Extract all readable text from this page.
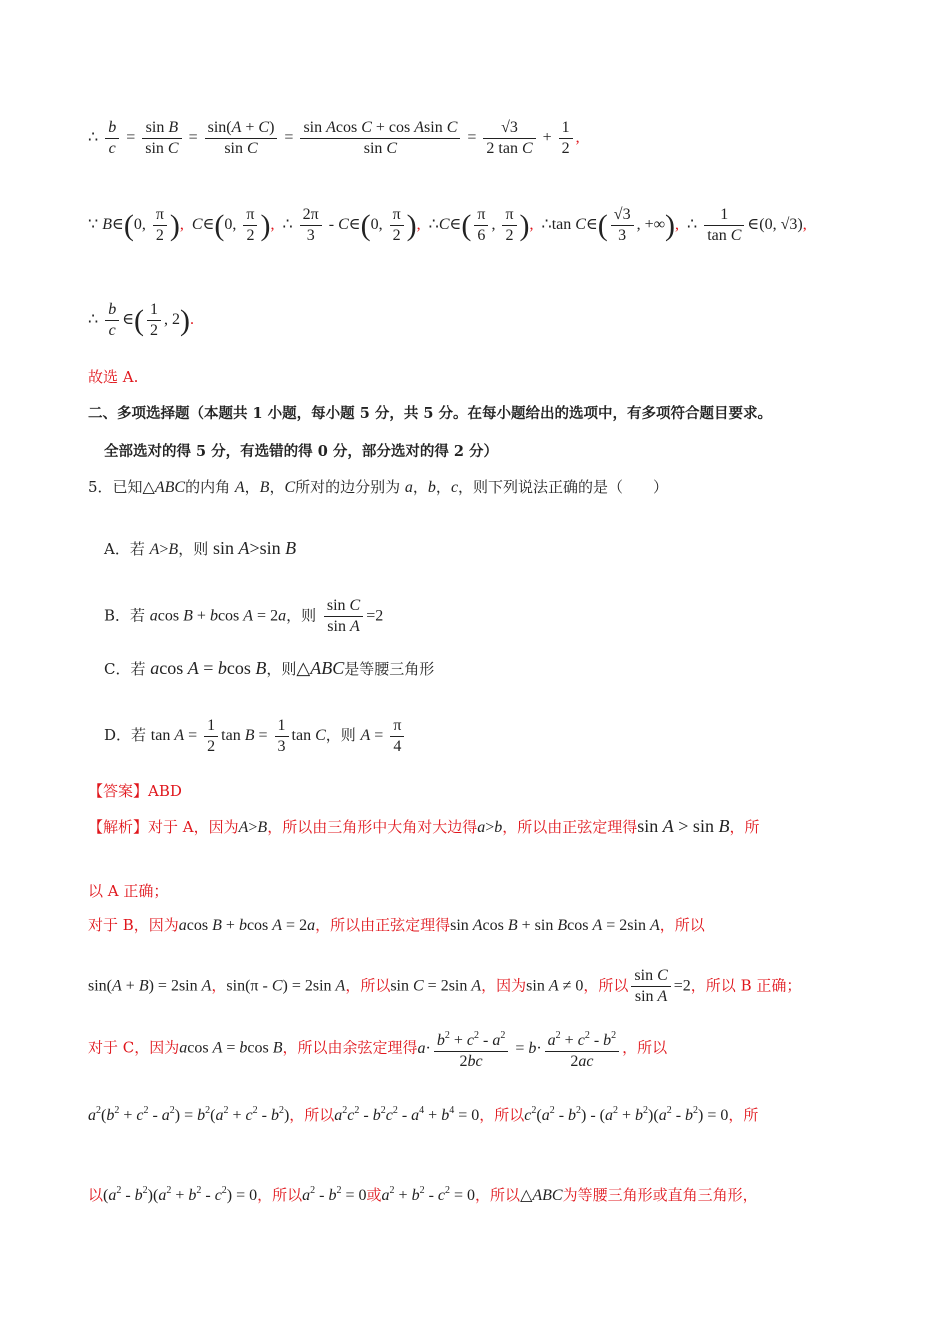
∴ $\frac{b}{c} = \frac{\text{sin B}}{\text{sin C}} = \frac{\sin(A + C)}{\text{sin C}} = \frac{\text{sin Acos C + cos Asin C}}{\text{sin C}} = \frac{√3}{\text{2 tan C}} + \frac{1}{2}$ ,
∵ B∈(0, $\frac{\pi}{2}$ ), C∈(0, $\frac{\pi}{2}$ ),  ∴ $\frac{2\pi}{3}$ - C∈(0, $\frac{\pi}{2}$ ),  ∴C∈( $\frac{\pi}{6}$ , $\frac{\pi}{2}$ ),  ∴tan C∈( $\frac{√3}{3}$ , +∞),  ∴ $\frac{1}{\text{tan C}}$ ∈(0, √3),
∴ $\frac{b}{c}$ ∈( $\frac{1}{2}$ , 2).
故选 A.
二、多项选择题（本题共 1 小题，每小题 5 分，共 5 分。在每小题给出的选项中，有多项符合题目要求。
全部选对的得 5 分，有选错的得 0 分，部分选对的得 2 分）
5．已知△ABC的内角 A，B，C所对的边分别为 a，b，c，则下列说法正确的是（　　）
A．若 A>B，则 sin A>sin B
B．若 acos B + bcos A = 2a，则 $\frac{\text{sin C}}{\text{sin A}} =2$
C．若 acos A = bcos B，则△ABC是等腰三角形
D．若 $\tan A = \frac{1}{2}$ $\tan B = \frac{1}{3}$ tan C，则 $A = \frac{\pi}{4}$
【答案】ABD
【解析】对于 A，因为A>B，所以由三角形中大角对大边得a>b，所以由正弦定理得sin A > sin B，所
以 A 正确；
对于 B，因为acos B + bcos A = 2a，所以由正弦定理得sin Acos B + sin Bcos A = 2sin A，所以
sin(A + B) = 2sin A，sin(π - C) = 2sin A，所以sin C = 2sin A，因为sin A ≠ 0，所以 $\frac{\text{sin C}}{\text{sin A}} =2$，所以 B 正确；
对于 C，因为acos A = bcos B，所以由余弦定理得$a\cdot \frac{b^2 + c^2 - a^2}{2bc} = b\cdot \frac{a^2 + c^2 - b^2}{2ac}$ ，所以
$a^2(b^2 + c^2 - a^2) = b^2(a^2 + c^2 - b^2)$，所以$a^2c^2 - b^2c^2 - a^4 + b^4 = 0$，所以$c^2(a^2 - b^2) - (a^2 + b^2)(a^2 - b^2) = 0$，所
以$(a^2 - b^2)(a^2 + b^2 - c^2) = 0$，所以$a^2 - b^2 = 0$或$a^2 + b^2 - c^2 = 0$，所以△ABC为等腰三角形或直角三角形，
